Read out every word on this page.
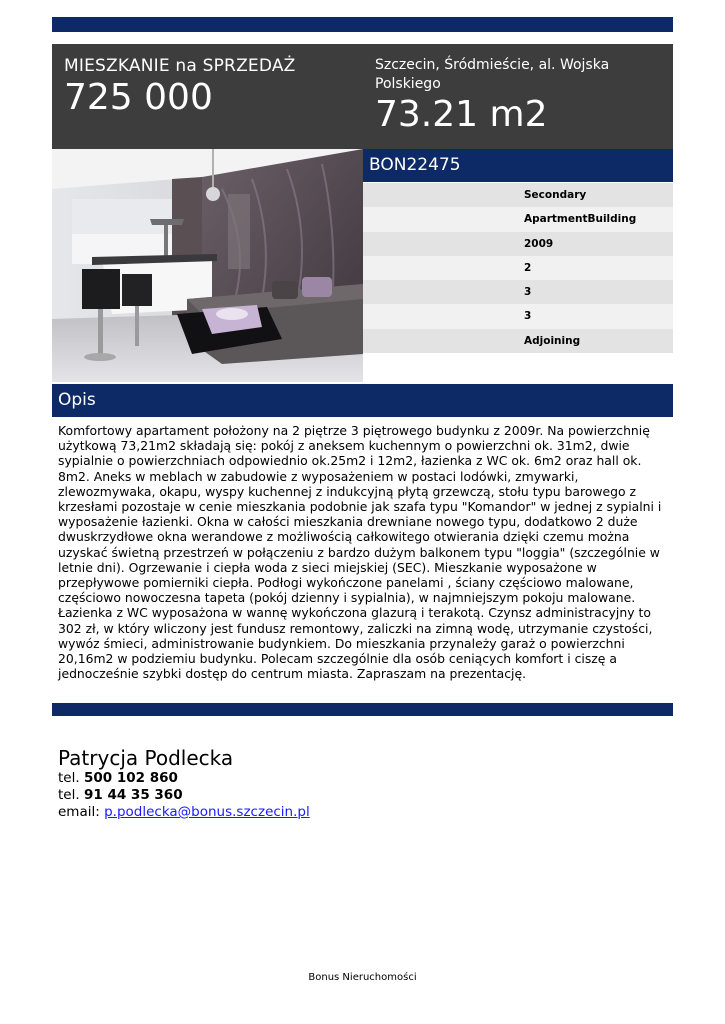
MIESZKANIE na SPRZEDAŻ
725 000
Szczecin, Śródmieście, al. Wojska Polskiego
73.21 m2
BON22475
Secondary
ApartmentBuilding
2009
2
3
3
Adjoining
Opis
Komfortowy apartament położony na 2 piętrze 3 piętrowego budynku z 2009r. Na powierzchnię użytkową 73,21m2 składają się: pokój z aneksem kuchennym o powierzchni ok. 31m2, dwie sypialnie o powierzchniach odpowiednio ok.25m2 i 12m2, łazienka z WC ok. 6m2 oraz hall ok. 8m2. Aneks w meblach w zabudowie z wyposażeniem w postaci lodówki, zmywarki, zlewozmywaka, okapu, wyspy kuchennej z indukcyjną płytą grzewczą, stołu typu barowego z krzesłami pozostaje w cenie mieszkania podobnie jak szafa typu "Komandor" w jednej z sypialni i wyposażenie łazienki. Okna w całości mieszkania drewniane nowego typu, dodatkowo 2 duże dwuskrzydłowe okna werandowe z możliwością całkowitego otwierania dzięki czemu można uzyskać świetną przestrzeń w połączeniu z bardzo dużym balkonem typu "loggia" (szczególnie w letnie dni). Ogrzewanie i ciepła woda z sieci miejskiej (SEC). Mieszkanie wyposażone w przepływowe pomierniki ciepła. Podłogi wykończone panelami , ściany częściowo malowane, częściowo nowoczesna tapeta (pokój dzienny i sypialnia), w najmniejszym pokoju malowane. Łazienka z WC wyposażona w wannę wykończona glazurą i terakotą. Czynsz administracyjny to 302 zł, w który wliczony jest fundusz remontowy, zaliczki na zimną wodę, utrzymanie czystości, wywóz śmieci, administrowanie budynkiem. Do mieszkania przynależy garaż o powierzchni 20,16m2 w podziemiu budynku. Polecam szczególnie dla osób ceniących komfort i ciszę a jednocześnie szybki dostęp do centrum miasta. Zapraszam na prezentację.
Patrycja Podlecka
tel. 500 102 860
tel. 91 44 35 360
email: p.podlecka@bonus.szczecin.pl
Bonus Nieruchomości
